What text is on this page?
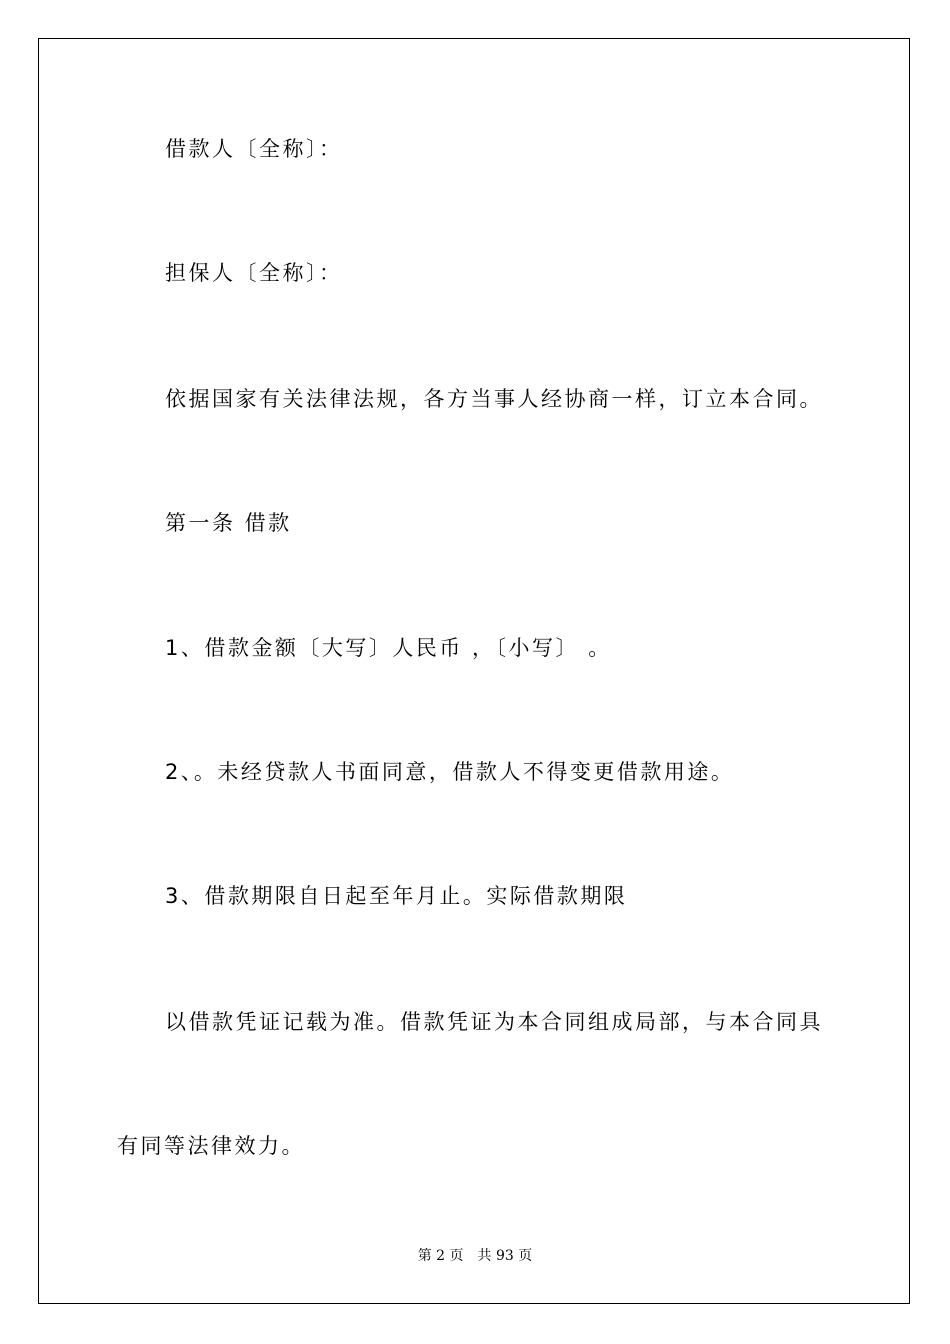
借款人〔全称〕：
担保人〔全称〕：
依据国家有关法律法规，各方当事人经协商一样，订立本合同。
第一条 借款
1、借款金额〔大写〕人民币 ，〔小写〕 。
2、。未经贷款人书面同意，借款人不得变更借款用途。
3、借款期限自日起至年月止。实际借款期限
以借款凭证记载为准。借款凭证为本合同组成局部，与本合同具
有同等法律效力。
第 2 页　共 93 页
